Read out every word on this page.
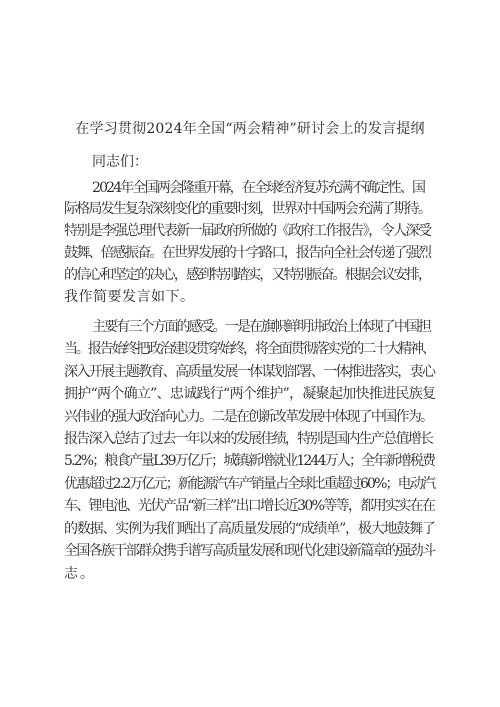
在学习贯彻2024年全国“两会精神”研讨会上的发言提纲
同志们：
2024年全国两会隆重开幕，在全球经济复苏充满不确定性、国
际格局发生复杂深刻变化的重要时刻，世界对中国两会充满了期待。
特别是李强总理代表新一届政府所做的《政府工作报告》，令人深受
鼓舞、倍感振奋。在世界发展的十字路口，报告向全社会传递了强烈
的信心和坚定的决心，感到特别踏实，又特别振奋。根据会议安排，
我作简要发言如下。
主要有三个方面的感受。一是在旗帜鲜明讲政治上体现了中国担
当。报告始终把政治建设贯穿始终，将全面贯彻落实党的二十大精神、
深入开展主题教育、高质量发展一体谋划部署、一体推进落实，衷心
拥护“两个确立”、忠诚践行“两个维护”，凝聚起加快推进民族复
兴伟业的强大政治向心力。二是在创新改革发展中体现了中国作为。
报告深入总结了过去一年以来的发展佳绩，特别是国内生产总值增长
5.2%；粮食产量L39万亿斤；城镇新增就业1244万人；全年新增税费
优惠超过2.2万亿元；新能源汽车产销量占全球比重超过60%；电动汽
车、锂电池、光伏产品“新三样”出口增长近30%等等，都用实实在在
的数据、实例为我们晒出了高质量发展的“成绩单”，极大地鼓舞了
全国各族干部群众携手谱写高质量发展和现代化建设新篇章的强劲斗
志。
